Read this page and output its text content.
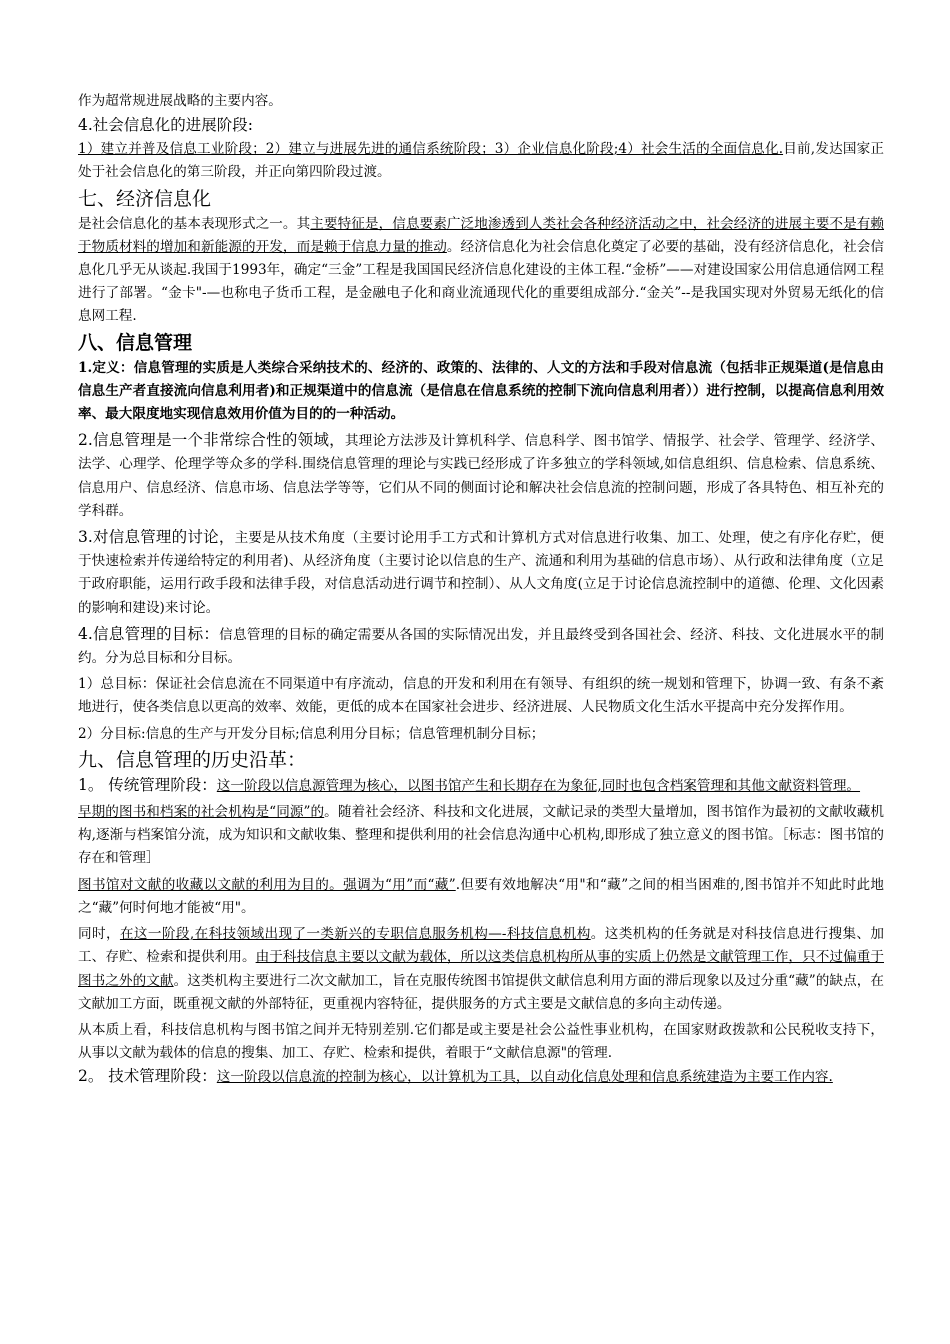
作为超常规进展战略的主要内容。

4.社会信息化的进展阶段:

1）建立并普及信息工业阶段；2）建立与进展先进的通信系统阶段；3）企业信息化阶段;4）社会生活的全面信息化.目前,发达国家正处于社会信息化的第三阶段，并正向第四阶段过渡。

七、经济信息化

是社会信息化的基本表现形式之一。其主要特征是，信息要素广泛地渗透到人类社会各种经济活动之中，社会经济的进展主要不是有赖于物质材料的增加和新能源的开发，而是赖于信息力量的推动。经济信息化为社会信息化奠定了必要的基础，没有经济信息化，社会信息化几乎无从谈起.我国于1993年，确定“三金”工程是我国国民经济信息化建设的主体工程.“金桥”——对建设国家公用信息通信网工程进行了部署。“金卡"-—也称电子货币工程，是金融电子化和商业流通现代化的重要组成部分.“金关”--是我国实现对外贸易无纸化的信息网工程.

八、信息管理

1.定义：信息管理的实质是人类综合采纳技术的、经济的、政策的、法律的、人文的方法和手段对信息流（包括非正规渠道(是信息由信息生产者直接流向信息利用者)和正规渠道中的信息流（是信息在信息系统的控制下流向信息利用者））进行控制，以提高信息利用效率、最大限度地实现信息效用价值为目的的一种活动。

2.信息管理是一个非常综合性的领域，其理论方法涉及计算机科学、信息科学、图书馆学、情报学、社会学、管理学、经济学、法学、心理学、伦理学等众多的学科.围绕信息管理的理论与实践已经形成了许多独立的学科领域,如信息组织、信息检索、信息系统、信息用户、信息经济、信息市场、信息法学等等，它们从不同的侧面讨论和解决社会信息流的控制问题，形成了各具特色、相互补充的学科群。

3.对信息管理的讨论，主要是从技术角度（主要讨论用手工方式和计算机方式对信息进行收集、加工、处理，使之有序化存贮，便于快速检索并传递给特定的利用者)、从经济角度（主要讨论以信息的生产、流通和利用为基础的信息市场）、从行政和法律角度（立足于政府职能，运用行政手段和法律手段，对信息活动进行调节和控制）、从人文角度(立足于讨论信息流控制中的道德、伦理、文化因素的影响和建设)来讨论。

4.信息管理的目标：信息管理的目标的确定需要从各国的实际情况出发，并且最终受到各国社会、经济、科技、文化进展水平的制约。分为总目标和分目标。

1）总目标：保证社会信息流在不同渠道中有序流动，信息的开发和利用在有领导、有组织的统一规划和管理下，协调一致、有条不紊地进行，使各类信息以更高的效率、效能，更低的成本在国家社会进步、经济进展、人民物质文化生活水平提高中充分发挥作用。

2）分目标:信息的生产与开发分目标;信息利用分目标；信息管理机制分目标；

九、信息管理的历史沿革：

1。 传统管理阶段：这一阶段以信息源管理为核心，以图书馆产生和长期存在为象征,同时也包含档案管理和其他文献资料管理。

早期的图书和档案的社会机构是“同源”的。随着社会经济、科技和文化进展，文献记录的类型大量增加，图书馆作为最初的文献收藏机构,逐渐与档案馆分流，成为知识和文献收集、整理和提供利用的社会信息沟通中心机构,即形成了独立意义的图书馆。［标志：图书馆的存在和管理］

图书馆对文献的收藏以文献的利用为目的。强调为“用”而“藏”.但要有效地解决“用"和“藏”之间的相当困难的,图书馆并不知此时此地之“藏”何时何地才能被“用"。

同时，在这一阶段,在科技领域出现了一类新兴的专职信息服务机构—-科技信息机构。这类机构的任务就是对科技信息进行搜集、加工、存贮、检索和提供利用。由于科技信息主要以文献为载体，所以这类信息机构所从事的实质上仍然是文献管理工作，只不过偏重于图书之外的文献。这类机构主要进行二次文献加工，旨在克服传统图书馆提供文献信息利用方面的滞后现象以及过分重“藏”的缺点，在文献加工方面，既重视文献的外部特征，更重视内容特征，提供服务的方式主要是文献信息的多向主动传递。

从本质上看，科技信息机构与图书馆之间并无特别差别.它们都是或主要是社会公益性事业机构，在国家财政拨款和公民税收支持下，从事以文献为载体的信息的搜集、加工、存贮、检索和提供，着眼于“文献信息源"的管理.

2。 技术管理阶段：这一阶段以信息流的控制为核心，以计算机为工具，以自动化信息处理和信息系统建造为主要工作内容.
